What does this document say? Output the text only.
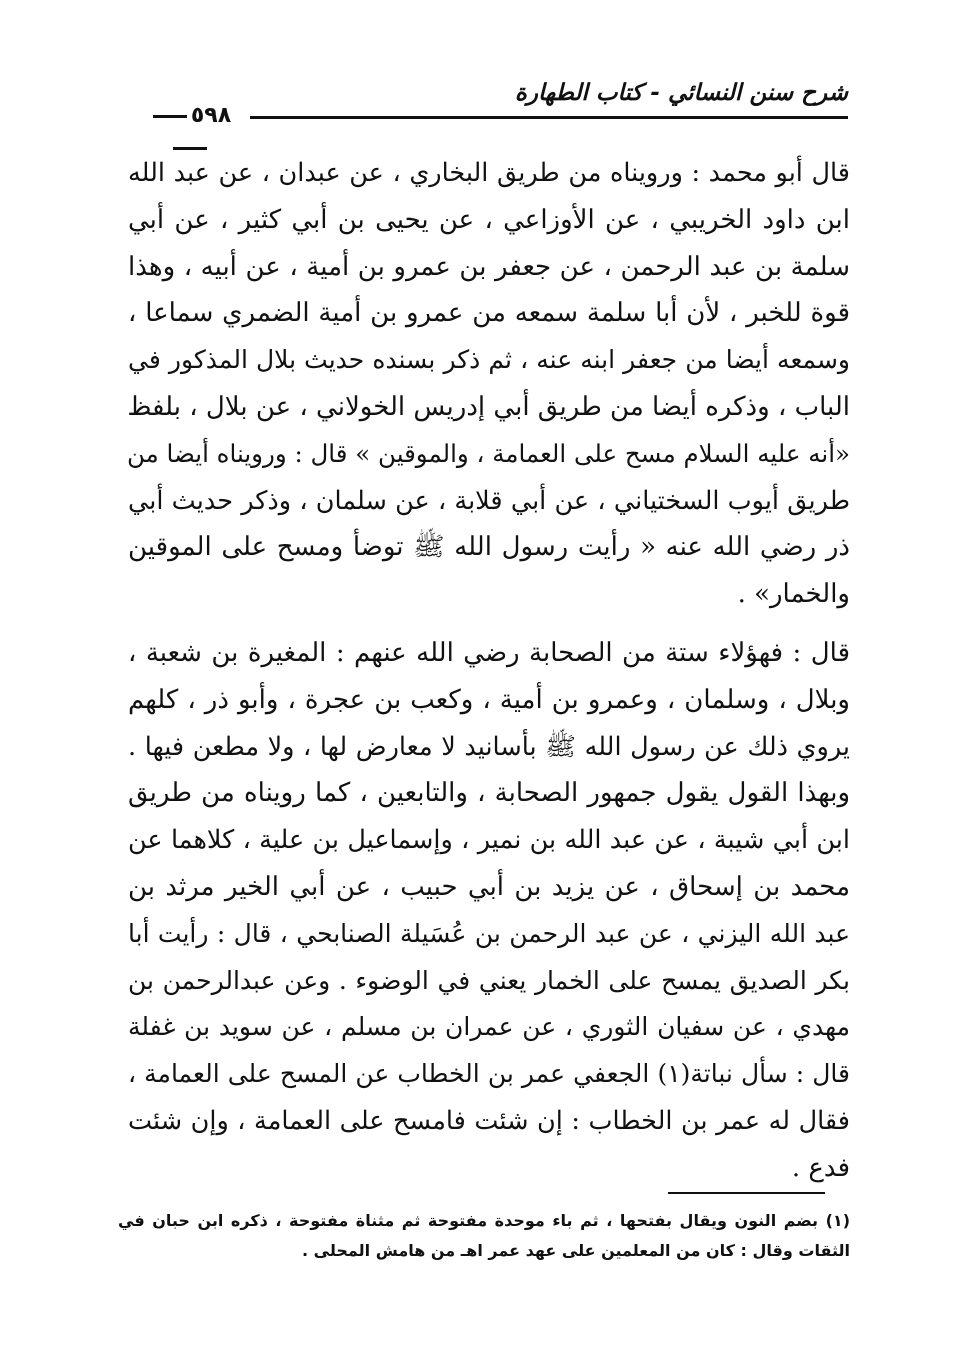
شرح سنن النسائي - كتاب الطهارة
٥٩٨

قال أبو محمد : ورويناه من طريق البخاري ، عن عبدان ، عن عبد الله
ابن داود الخريبي ، عن الأوزاعي ، عن يحيى بن أبي كثير ، عن أبي
سلمة بن عبد الرحمن ، عن جعفر بن عمرو بن أمية ، عن أبيه ، وهذا
قوة للخبر ، لأن أبا سلمة سمعه من عمرو بن أمية الضمري سماعا ،
وسمعه أيضا من جعفر ابنه عنه ، ثم ذكر بسنده حديث بلال المذكور في
الباب ، وذكره أيضا من طريق أبي إدريس الخولاني ، عن بلال ، بلفظ
«أنه عليه السلام مسح على العمامة ، والموقين » قال : ورويناه أيضا من
طريق أيوب السختياني ، عن أبي قلابة ، عن سلمان ، وذكر حديث أبي
ذر رضي الله عنه « رأيت رسول الله ﷺ توضأ ومسح على الموقين
والخمار» .

قال : فهؤلاء ستة من الصحابة رضي الله عنهم : المغيرة بن شعبة ،
وبلال ، وسلمان ، وعمرو بن أمية ، وكعب بن عجرة ، وأبو ذر ، كلهم
يروي ذلك عن رسول الله ﷺ بأسانيد لا معارض لها ، ولا مطعن فيها .
وبهذا القول يقول جمهور الصحابة ، والتابعين ، كما رويناه من طريق
ابن أبي شيبة ، عن عبد الله بن نمير ، وإسماعيل بن علية ، كلاهما عن
محمد بن إسحاق ، عن يزيد بن أبي حبيب ، عن أبي الخير مرثد بن
عبد الله اليزني ، عن عبد الرحمن بن عُسَيلة الصنابحي ، قال : رأيت أبا
بكر الصديق يمسح على الخمار يعني في الوضوء . وعن عبدالرحمن بن
مهدي ، عن سفيان الثوري ، عن عمران بن مسلم ، عن سويد بن غفلة
قال : سأل نباتة(١) الجعفي عمر بن الخطاب عن المسح على العمامة ،
فقال له عمر بن الخطاب : إن شئت فامسح على العمامة ، وإن شئت
فدع .

(١) بضم النون ويقال بفتحها ، ثم باء موحدة مفتوحة ثم مثناة مفتوحة ، ذكره ابن حبان في
الثقات وقال : كان من المعلمين على عهد عمر اهـ من هامش المحلى .
